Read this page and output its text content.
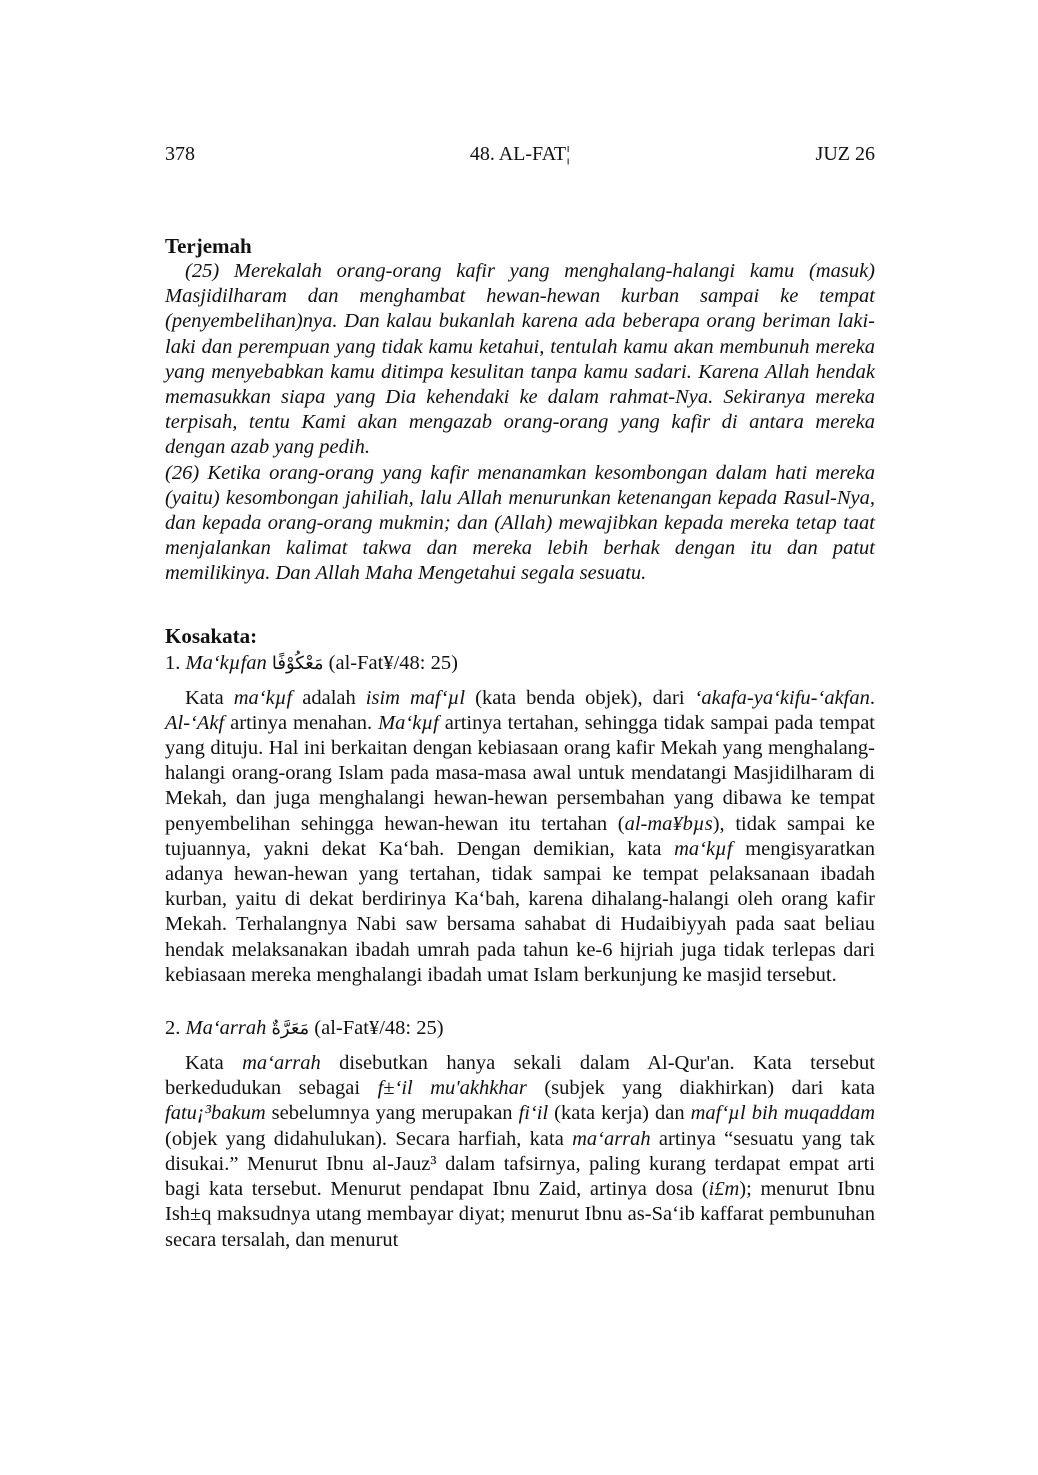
378	48. AL-FAT¦	JUZ 26
Terjemah

(25) Merekalah orang-orang kafir yang menghalang-halangi kamu (masuk) Masjidilharam dan menghambat hewan-hewan kurban sampai ke tempat (penyembelihan)nya. Dan kalau bukanlah karena ada beberapa orang beriman laki-laki dan perempuan yang tidak kamu ketahui, tentulah kamu akan membunuh mereka yang menyebabkan kamu ditimpa kesulitan tanpa kamu sadari. Karena Allah hendak memasukkan siapa yang Dia kehendaki ke dalam rahmat-Nya. Sekiranya mereka terpisah, tentu Kami akan mengazab orang-orang yang kafir di antara mereka dengan azab yang pedih.

(26) Ketika orang-orang yang kafir menanamkan kesombongan dalam hati mereka (yaitu) kesombongan jahiliah, lalu Allah menurunkan ketenangan kepada Rasul-Nya, dan kepada orang-orang mukmin; dan (Allah) mewajibkan kepada mereka tetap taat menjalankan kalimat takwa dan mereka lebih berhak dengan itu dan patut memilikinya. Dan Allah Maha Mengetahui segala sesuatu.

Kosakata:

1. Ma‘kµfan مَعْكُوْفًا (al-Fat¥/48: 25)

Kata ma‘kµf adalah isim maf‘µl (kata benda objek), dari ‘akafa-ya‘kifu-‘akfan. Al-‘Akf artinya menahan. Ma‘kµf artinya tertahan, sehingga tidak sampai pada tempat yang dituju. Hal ini berkaitan dengan kebiasaan orang kafir Mekah yang menghalang-halangi orang-orang Islam pada masa-masa awal untuk mendatangi Masjidilharam di Mekah, dan juga menghalangi hewan-hewan persembahan yang dibawa ke tempat penyembelihan sehingga hewan-hewan itu tertahan (al-ma¥bµs), tidak sampai ke tujuannya, yakni dekat Ka‘bah. Dengan demikian, kata ma‘kµf mengisyaratkan adanya hewan-hewan yang tertahan, tidak sampai ke tempat pelaksanaan ibadah kurban, yaitu di dekat berdirinya Ka‘bah, karena dihalang-halangi oleh orang kafir Mekah. Terhalangnya Nabi saw bersama sahabat di Hudaibiyyah pada saat beliau hendak melaksanakan ibadah umrah pada tahun ke-6 hijriah juga tidak terlepas dari kebiasaan mereka menghalangi ibadah umat Islam berkunjung ke masjid tersebut.

2. Ma‘arrah مَعَرَّةٌ (al-Fat¥/48: 25)

Kata ma‘arrah disebutkan hanya sekali dalam Al-Qur'an. Kata tersebut berkedudukan sebagai f±‘il mu'akhkhar (subjek yang diakhirkan) dari kata fatu¡³bakum sebelumnya yang merupakan fi‘il (kata kerja) dan maf‘µl bih muqaddam (objek yang didahulukan). Secara harfiah, kata ma‘arrah artinya “sesuatu yang tak disukai.” Menurut Ibnu al-Jauz³ dalam tafsirnya, paling kurang terdapat empat arti bagi kata tersebut. Menurut pendapat Ibnu Zaid, artinya dosa (i£m); menurut Ibnu Ish±q maksudnya utang membayar diyat; menurut Ibnu as-Sa‘ib kaffarat pembunuhan secara tersalah, dan menurut
